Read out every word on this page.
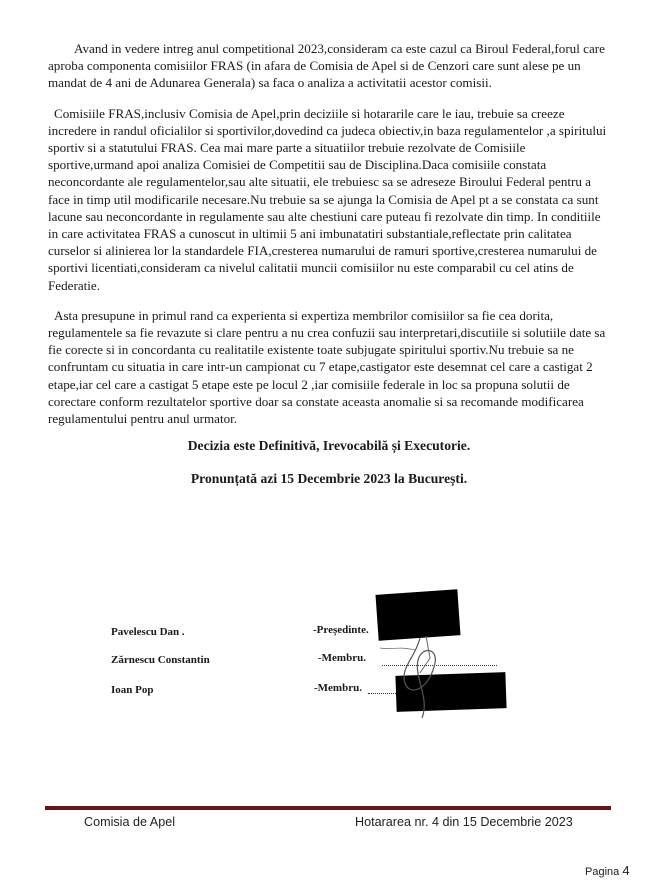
Avand in vedere intreg anul competitional 2023,consideram ca este cazul ca Biroul Federal,forul care aproba componenta comisiilor FRAS (in afara de Comisia de Apel si de Cenzori care sunt alese pe un mandat de 4 ani de Adunarea Generala) sa faca o analiza a activitatii acestor comisii.

Comisiile FRAS,inclusiv Comisia de Apel,prin deciziile si hotararile care le iau, trebuie sa creeze incredere in randul oficialilor si sportivilor,dovedind ca judeca obiectiv,in baza regulamentelor ,a spiritului sportiv si a statutului FRAS. Cea mai mare parte a situatiilor trebuie rezolvate de Comisiile sportive,urmand apoi analiza Comisiei de Competitii sau de Disciplina.Daca comisiile constata neconcordante ale regulamentelor,sau alte situatii, ele trebuiesc sa se adreseze Biroului Federal pentru a face in timp util modificarile necesare.Nu trebuie sa se ajunga la Comisia de Apel pt a se constata ca sunt lacune sau neconcordante in regulamente sau alte chestiuni care puteau fi rezolvate din timp. In conditiile in care activitatea FRAS a cunoscut in ultimii 5 ani imbunatatiri substantiale,reflectate prin calitatea curselor si alinierea lor la standardele FIA,cresterea numarului de ramuri sportive,cresterea numarului de sportivi licentiati,consideram ca nivelul calitatii muncii comisiilor nu este comparabil cu cel atins de Federatie.

Asta presupune in primul rand ca experienta si expertiza membrilor comisiilor sa fie cea dorita, regulamentele sa fie revazute si clare pentru a nu crea confuzii sau interpretari,discutiile si solutiile date sa fie corecte si in concordanta cu realitatile existente toate subjugate spiritului sportiv.Nu trebuie sa ne confruntam cu situatia in care intr-un campionat cu 7 etape,castigator este desemnat cel care a castigat 2 etape,iar cel care a castigat 5 etape este pe locul 2 ,iar comisiile federale in loc sa propuna solutii de corectare conform rezultatelor sportive doar sa constate aceasta anomalie si sa recomande modificarea regulamentului pentru anul urmator.

Decizia este Definitivă, Irevocabilă și Executorie.

Pronunțată azi 15 Decembrie 2023 la București.

Pavelescu Dan .
Zărnescu Constantin
Ioan Pop
-Președinte.
-Membru.
-Membru.
Comisia de Apel	Hotararea nr. 4 din 15 Decembrie 2023
Pagina 4
